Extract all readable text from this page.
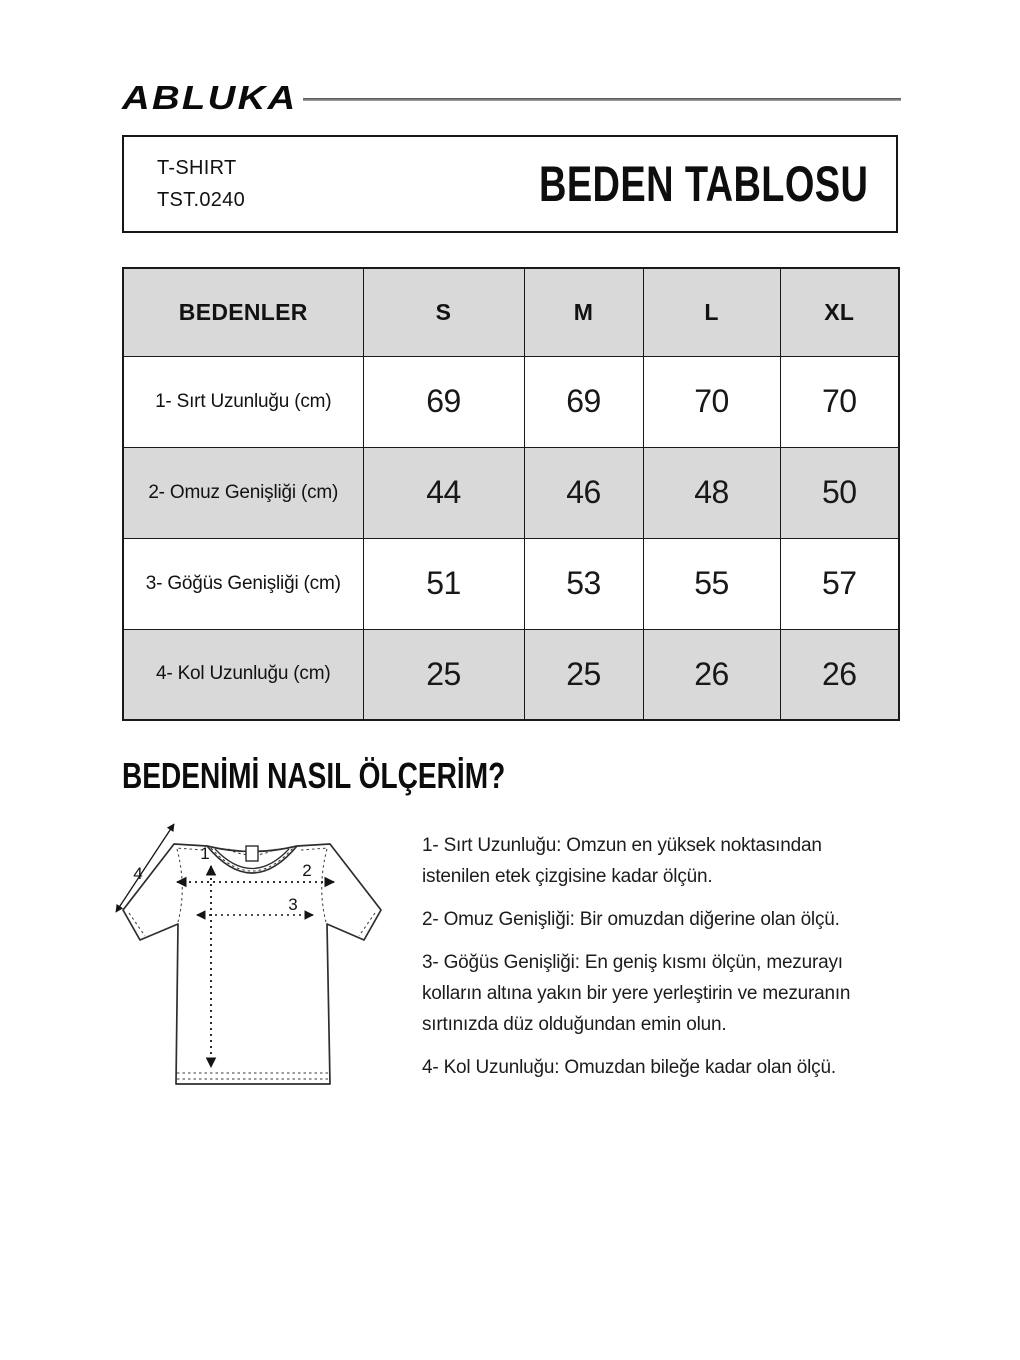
ABLUKA
T-SHIRT
TST.0240	BEDEN TABLOSU
BEDENLER	S	M	L	XL
1- Sırt Uzunluğu (cm)	69	69	70	70
2- Omuz Genişliği (cm)	44	46	48	50
3- Göğüs Genişliği (cm)	51	53	55	57
4- Kol Uzunluğu (cm)	25	25	26	26
BEDENİMİ NASIL ÖLÇERİM?
1
2
3
4

1- Sırt Uzunluğu: Omzun en yüksek noktasından
istenilen etek çizgisine kadar ölçün.

2- Omuz Genişliği: Bir omuzdan diğerine olan ölçü.

3- Göğüs Genişliği: En geniş kısmı ölçün, mezurayı
kolların altına yakın bir yere yerleştirin ve mezuranın
sırtınızda düz olduğundan emin olun.

4- Kol Uzunluğu: Omuzdan bileğe kadar olan ölçü.
